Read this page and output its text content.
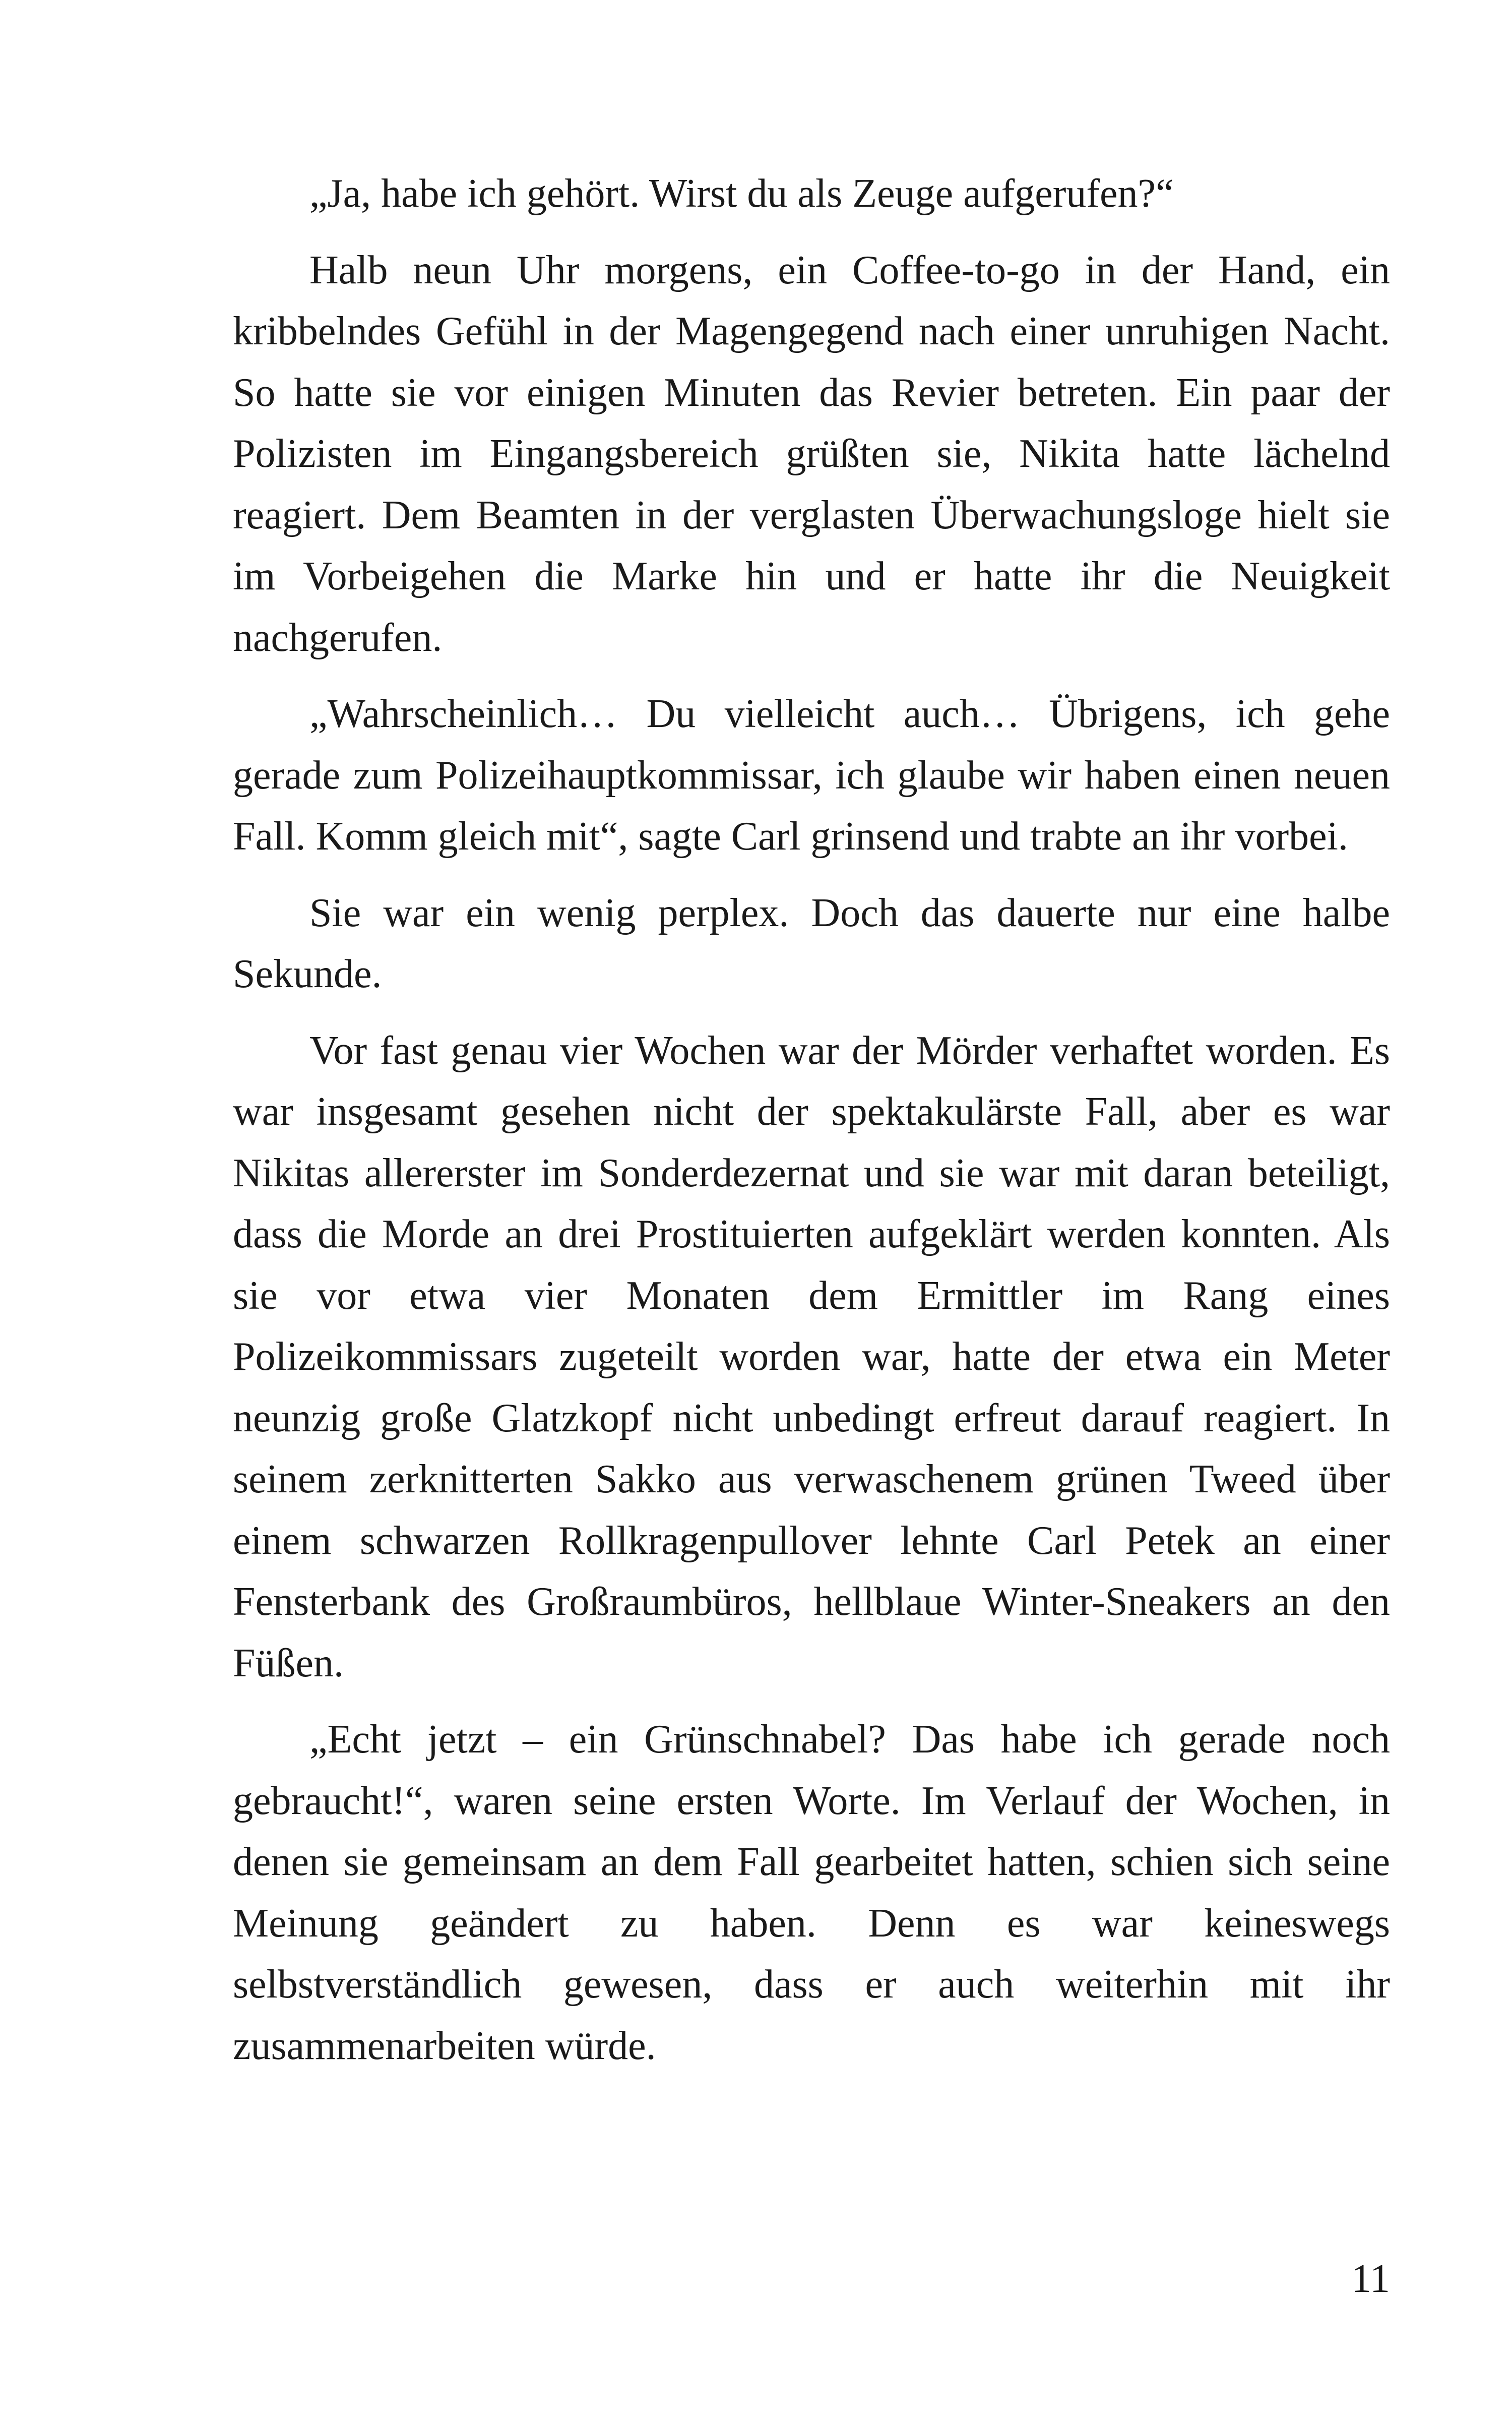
„Ja, habe ich gehört. Wirst du als Zeuge aufgerufen?“

Halb neun Uhr morgens, ein Coffee-to-go in der Hand, ein kribbelndes Gefühl in der Magengegend nach einer unruhigen Nacht. So hatte sie vor einigen Minuten das Revier betreten. Ein paar der Polizisten im Eingangsbereich grüßten sie, Nikita hatte lächelnd reagiert. Dem Beamten in der verglasten Überwachungsloge hielt sie im Vorbeigehen die Marke hin und er hatte ihr die Neuigkeit nachgerufen.

„Wahrscheinlich… Du vielleicht auch… Übrigens, ich gehe gerade zum Polizeihauptkommissar, ich glaube wir haben einen neuen Fall. Komm gleich mit“, sagte Carl grinsend und trabte an ihr vorbei.

Sie war ein wenig perplex. Doch das dauerte nur eine halbe Sekunde.

Vor fast genau vier Wochen war der Mörder verhaftet worden. Es war insgesamt gesehen nicht der spektakulärste Fall, aber es war Nikitas allererster im Sonderdezernat und sie war mit daran beteiligt, dass die Morde an drei Prostituierten aufgeklärt werden konnten. Als sie vor etwa vier Monaten dem Ermittler im Rang eines Polizeikommissars zugeteilt worden war, hatte der etwa ein Meter neunzig große Glatzkopf nicht unbedingt erfreut darauf reagiert. In seinem zerknitterten Sakko aus verwaschenem grünen Tweed über einem schwarzen Rollkragenpullover lehnte Carl Petek an einer Fensterbank des Großraumbüros, hellblaue Winter-Sneakers an den Füßen.

„Echt jetzt – ein Grünschnabel? Das habe ich gerade noch gebraucht!“, waren seine ersten Worte. Im Verlauf der Wochen, in denen sie gemeinsam an dem Fall gearbeitet hatten, schien sich seine Meinung geändert zu haben. Denn es war keineswegs selbstverständlich gewesen, dass er auch weiterhin mit ihr zusammenarbeiten würde.

11
